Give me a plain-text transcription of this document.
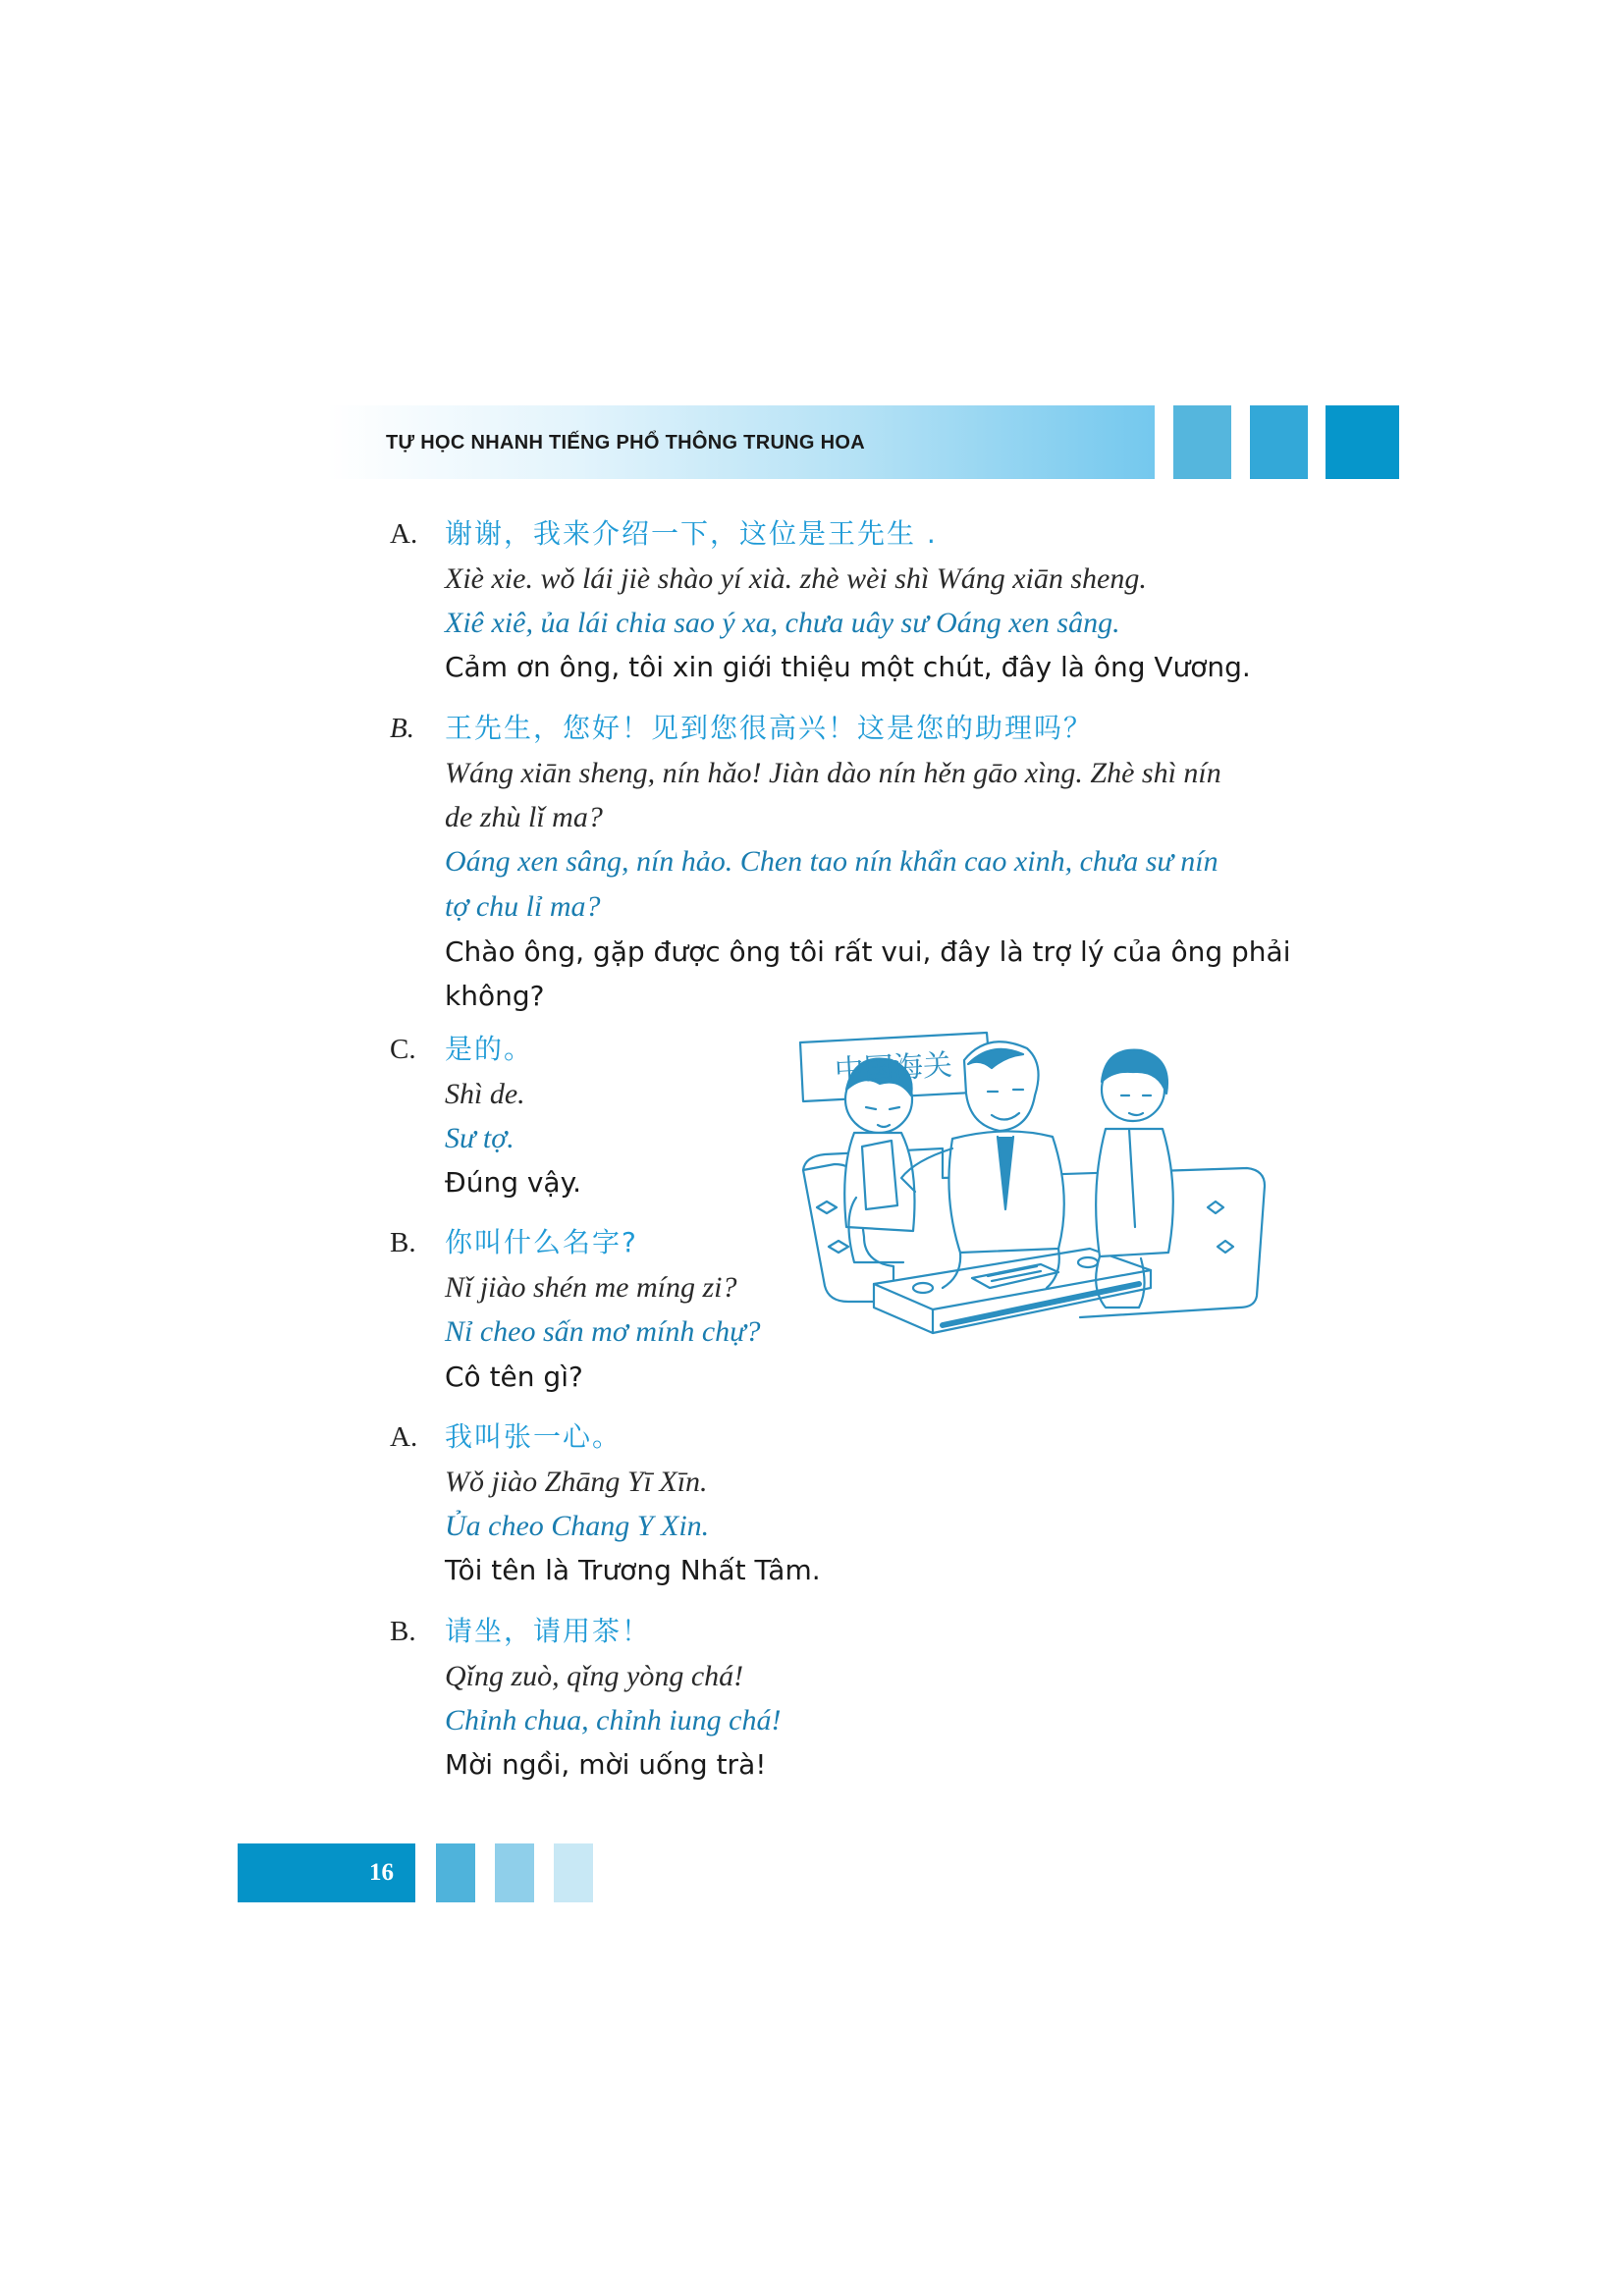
TỰ HỌC NHANH TIẾNG PHỔ THÔNG TRUNG HOA
A. 谢谢，我来介绍一下，这位是王先生 .
Xiè xie. wǒ lái jiè shào yí xià. zhè wèi shì Wáng xiān sheng.
Xiê xiê, ủa lái chia sao ý xa, chưa uây sư Oáng xen sâng.
Cảm ơn ông, tôi xin giới thiệu một chút, đây là ông Vương.
B. 王先生，您好！见到您很高兴！这是您的助理吗？
Wáng xiān sheng, nín hǎo! Jiàn dào nín hěn gāo xìng. Zhè shì nín
de zhù lǐ ma?
Oáng xen sâng, nín hảo. Chen tao nín khẩn cao xinh, chưa sư nín
tợ chu lỉ ma?
Chào ông, gặp được ông tôi rất vui, đây là trợ lý của ông phải
không?
C. 是的。
Shì de.
Sư tợ.
Đúng vậy.
B. 你叫什么名字?
Nǐ jiào shén me míng zi?
Nỉ cheo sấn mơ mính chự?
Cô tên gì?
A. 我叫张一心。
Wǒ jiào Zhāng Yī Xīn.
Ủa cheo Chang Y Xin.
Tôi tên là Trương Nhất Tâm.
B. 请坐，请用茶！
Qǐng zuò, qǐng yòng chá!
Chỉnh chua, chỉnh iung chá!
Mời ngồi, mời uống trà!
中国海关
16
